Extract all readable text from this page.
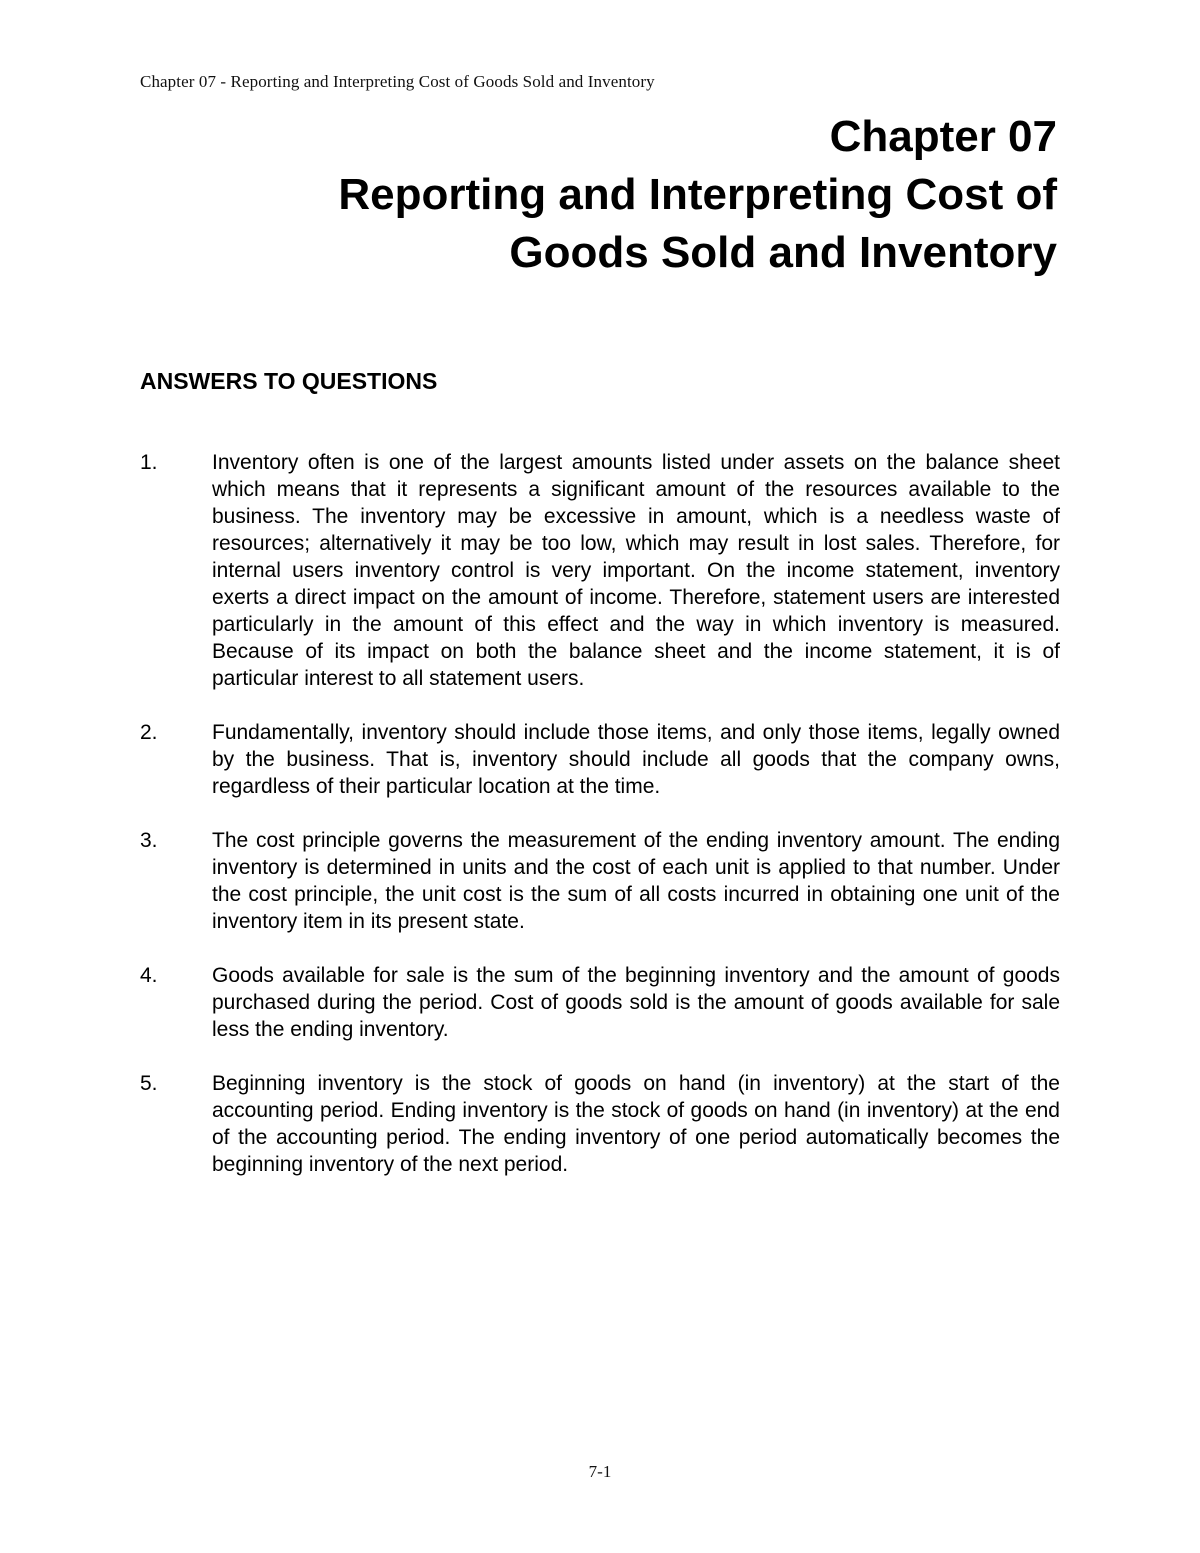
Chapter 07 - Reporting and Interpreting Cost of Goods Sold and Inventory
Chapter 07
Reporting and Interpreting Cost of
Goods Sold and Inventory
ANSWERS TO QUESTIONS
1.	Inventory often is one of the largest amounts listed under assets on the balance sheet which means that it represents a significant amount of the resources available to the business. The inventory may be excessive in amount, which is a needless waste of resources; alternatively it may be too low, which may result in lost sales. Therefore, for internal users inventory control is very important. On the income statement, inventory exerts a direct impact on the amount of income. Therefore, statement users are interested particularly in the amount of this effect and the way in which inventory is measured. Because of its impact on both the balance sheet and the income statement, it is of particular interest to all statement users.
2.	Fundamentally, inventory should include those items, and only those items, legally owned by the business. That is, inventory should include all goods that the company owns, regardless of their particular location at the time.
3.	The cost principle governs the measurement of the ending inventory amount. The ending inventory is determined in units and the cost of each unit is applied to that number. Under the cost principle, the unit cost is the sum of all costs incurred in obtaining one unit of the inventory item in its present state.
4.	Goods available for sale is the sum of the beginning inventory and the amount of goods purchased during the period. Cost of goods sold is the amount of goods available for sale less the ending inventory.
5.	Beginning inventory is the stock of goods on hand (in inventory) at the start of the accounting period. Ending inventory is the stock of goods on hand (in inventory) at the end of the accounting period. The ending inventory of one period automatically becomes the beginning inventory of the next period.
7-1
